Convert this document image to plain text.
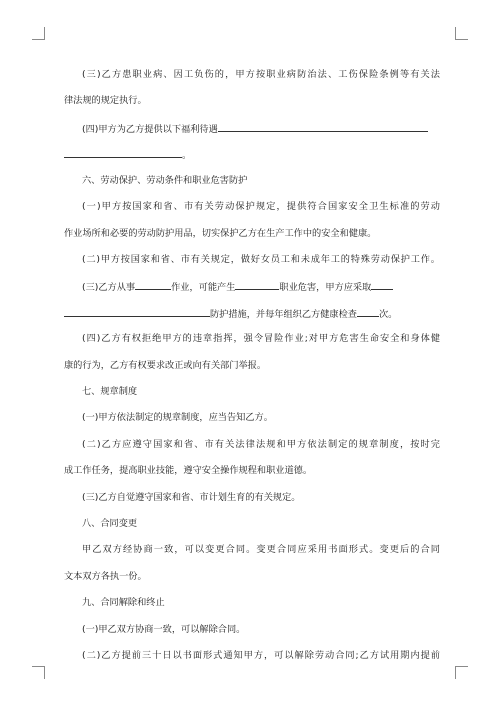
(三)乙方患职业病、因工负伤的，甲方按职业病防治法、工伤保险条例等有关法
律法规的规定执行。
(四)甲方为乙方提供以下福利待遇
。
六、劳动保护、劳动条件和职业危害防护
(一)甲方按国家和省、市有关劳动保护规定，提供符合国家安全卫生标准的劳动
作业场所和必要的劳动防护用品，切实保护乙方在生产工作中的安全和健康。
(二)甲方按国家和省、市有关规定，做好女员工和未成年工的特殊劳动保护工作。
(三)乙方从事	作业，可能产生	职业危害，甲方应采取
防护措施，并每年组织乙方健康检查 次。
(四)乙方有权拒绝甲方的违章指挥，强令冒险作业;对甲方危害生命安全和身体健
康的行为，乙方有权要求改正或向有关部门举报。
七、规章制度
(一)甲方依法制定的规章制度，应当告知乙方。
(二)乙方应遵守国家和省、市有关法律法规和甲方依法制定的规章制度，按时完
成工作任务，提高职业技能，遵守安全操作规程和职业道德。
(三)乙方自觉遵守国家和省、市计划生育的有关规定。
八、合同变更
甲乙双方经协商一致，可以变更合同。变更合同应采用书面形式。变更后的合同
文本双方各执一份。
九、合同解除和终止
(一)甲乙双方协商一致，可以解除合同。
(二)乙方提前三十日以书面形式通知甲方，可以解除劳动合同;乙方试用期内提前
